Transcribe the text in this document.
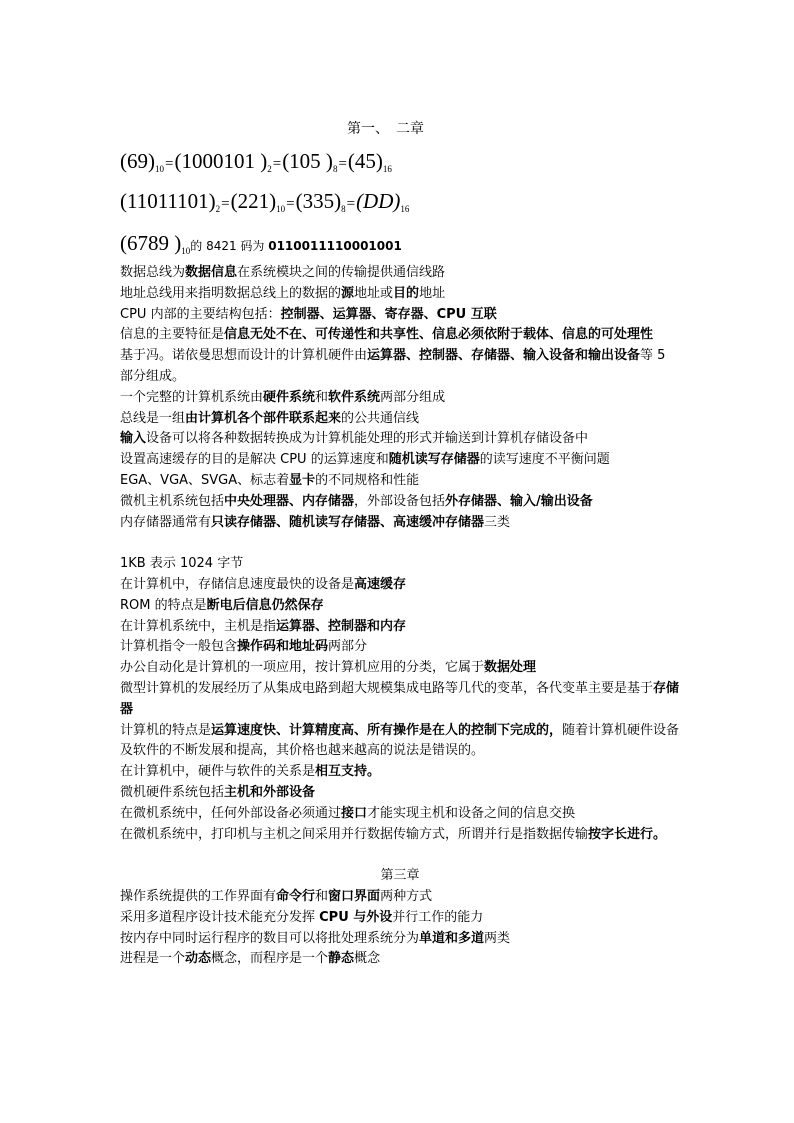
第一、　二章
$(69)_{10}=(1000101$ )$_2=(105$ )$_8=(45)_{16}$
$(11011101)_2=(221)_{10}=(335)_8=(DD)_{16}$
(6789 )$_{10}$的 8421 码为 0110011110001001
数据总线为数据信息在系统模块之间的传输提供通信线路
地址总线用来指明数据总线上的数据的源地址或目的地址
CPU 内部的主要结构包括：控制器、运算器、寄存器、CPU 互联
信息的主要特征是信息无处不在、可传递性和共享性、信息必须依附于载体、信息的可处理性
基于冯。诺依曼思想而设计的计算机硬件由运算器、控制器、存储器、输入设备和输出设备等 5 部分组成。
一个完整的计算机系统由硬件系统和软件系统两部分组成
总线是一组由计算机各个部件联系起来的公共通信线
输入设备可以将各种数据转换成为计算机能处理的形式并输送到计算机存储设备中
设置高速缓存的目的是解决 CPU 的运算速度和随机读写存储器的读写速度不平衡问题
EGA、VGA、SVGA、标志着显卡的不同规格和性能
微机主机系统包括中央处理器、内存储器，外部设备包括外存储器、输入/输出设备
内存储器通常有只读存储器、随机读写存储器、高速缓冲存储器三类
1KB 表示 1024 字节
在计算机中，存储信息速度最快的设备是高速缓存
ROM 的特点是断电后信息仍然保存
在计算机系统中，主机是指运算器、控制器和内存
计算机指令一般包含操作码和地址码两部分
办公自动化是计算机的一项应用，按计算机应用的分类，它属于数据处理
微型计算机的发展经历了从集成电路到超大规模集成电路等几代的变革，各代变革主要是基于存储器
计算机的特点是运算速度快、计算精度高、所有操作是在人的控制下完成的，随着计算机硬件设备及软件的不断发展和提高，其价格也越来越高的说法是错误的。
在计算机中，硬件与软件的关系是相互支持。
微机硬件系统包括主机和外部设备
在微机系统中，任何外部设备必须通过接口才能实现主机和设备之间的信息交换
在微机系统中，打印机与主机之间采用并行数据传输方式，所谓并行是指数据传输按字长进行。
第三章
操作系统提供的工作界面有命令行和窗口界面两种方式
采用多道程序设计技术能充分发挥 CPU 与外设并行工作的能力
按内存中同时运行程序的数目可以将批处理系统分为单道和多道两类
进程是一个动态概念，而程序是一个静态概念
